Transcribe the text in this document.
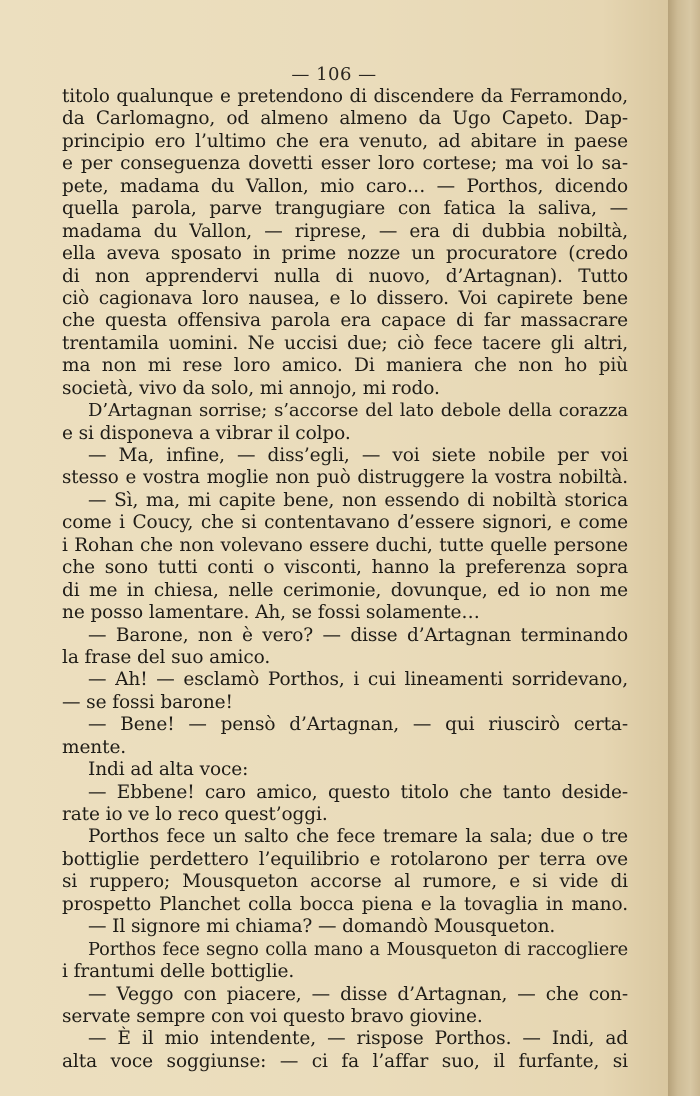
— 106 —
titolo qualunque e pretendono di discendere da Ferramondo,
da Carlomagno, od almeno almeno da Ugo Capeto. Dap-
principio ero l’ultimo che era venuto, ad abitare in paese
e per conseguenza dovetti esser loro cortese; ma voi lo sa-
pete, madama du Vallon, mio caro… — Porthos, dicendo
quella parola, parve trangugiare con fatica la saliva, —
madama du Vallon, — riprese, — era di dubbia nobiltà,
ella aveva sposato in prime nozze un procuratore (credo
di non apprendervi nulla di nuovo, d’Artagnan). Tutto
ciò cagionava loro nausea, e lo dissero. Voi capirete bene
che questa offensiva parola era capace di far massacrare
trentamila uomini. Ne uccisi due; ciò fece tacere gli altri,
ma non mi rese loro amico. Di maniera che non ho più
società, vivo da solo, mi annojo, mi rodo.
D’Artagnan sorrise; s’accorse del lato debole della corazza
e si disponeva a vibrar il colpo.
— Ma, infine, — diss’egli, — voi siete nobile per voi
stesso e vostra moglie non può distruggere la vostra nobiltà.
— Sì, ma, mi capite bene, non essendo di nobiltà storica
come i Coucy, che si contentavano d’essere signori, e come
i Rohan che non volevano essere duchi, tutte quelle persone
che sono tutti conti o visconti, hanno la preferenza sopra
di me in chiesa, nelle cerimonie, dovunque, ed io non me
ne posso lamentare. Ah, se fossi solamente…
— Barone, non è vero? — disse d’Artagnan terminando
la frase del suo amico.
— Ah! — esclamò Porthos, i cui lineamenti sorridevano,
— se fossi barone!
— Bene! — pensò d’Artagnan, — qui riuscirò certa-
mente.
Indi ad alta voce:
— Ebbene! caro amico, questo titolo che tanto deside-
rate io ve lo reco quest’oggi.
Porthos fece un salto che fece tremare la sala; due o tre
bottiglie perdettero l’equilibrio e rotolarono per terra ove
si ruppero; Mousqueton accorse al rumore, e si vide di
prospetto Planchet colla bocca piena e la tovaglia in mano.
— Il signore mi chiama? — domandò Mousqueton.
Porthos fece segno colla mano a Mousqueton di raccogliere
i frantumi delle bottiglie.
— Veggo con piacere, — disse d’Artagnan, — che con-
servate sempre con voi questo bravo giovine.
— È il mio intendente, — rispose Porthos. — Indi, ad
alta voce soggiunse: — ci fa l’affar suo, il furfante, si
